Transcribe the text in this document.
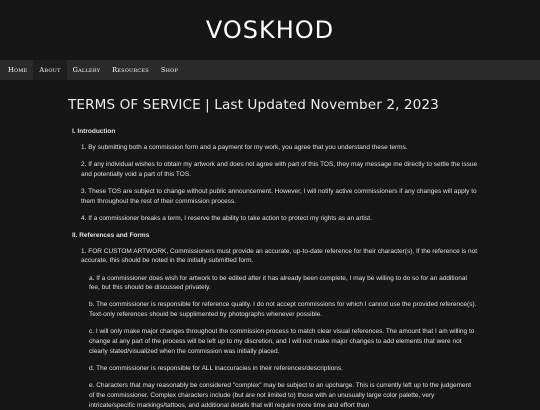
VOSKHOD
Home	About	Gallery	Resources	Shop
TERMS OF SERVICE | Last Updated November 2, 2023
I. Introduction
1. By submitting both a commission form and a payment for my work, you agree that you understand these terms.
2. If any individual wishes to obtain my artwork and does not agree with part of this TOS, they may message me directly to settle the issue and potentially void a part of this TOS.
3. These TOS are subject to change without public announcement. However, I will notify active commissioners if any changes will apply to them throughout the rest of their commission process.
4. If a commissioner breaks a term, I reserve the ability to take action to protect my rights as an artist.
II. References and Forms
1. FOR CUSTOM ARTWORK, Commissioners must provide an accurate, up-to-date reference for their character(s). If the reference is not accurate, this should be noted in the initially submitted form.
a. If a commissioner does wish for artwork to be edited after it has already been complete, I may be willing to do so for an additional fee, but this should be discussed privately.
b. The commissioner is responsible for reference quality. I do not accept commissions for which I cannot use the provided reference(s). Text-only references should be supplimented by photographs whenever possible.
c. I will only make major changes throughout the commission process to match clear visual references. The amount that I am willing to change at any part of the process will be left up to my discretion, and I will not make major changes to add elements that were not clearly stated/visualized when the commission was initially placed.
d. The commissioner is responsible for ALL inaccuracies in their references/descriptions.
e. Characters that may reasonably be considered "complex" may be subject to an upcharge. This is currently left up to the judgement of the commissioner. Complex characters include (but are not limited to) those with an unusually large color palette, very intricate/specific markings/tattoos, and additional details that will require more time and effort than
